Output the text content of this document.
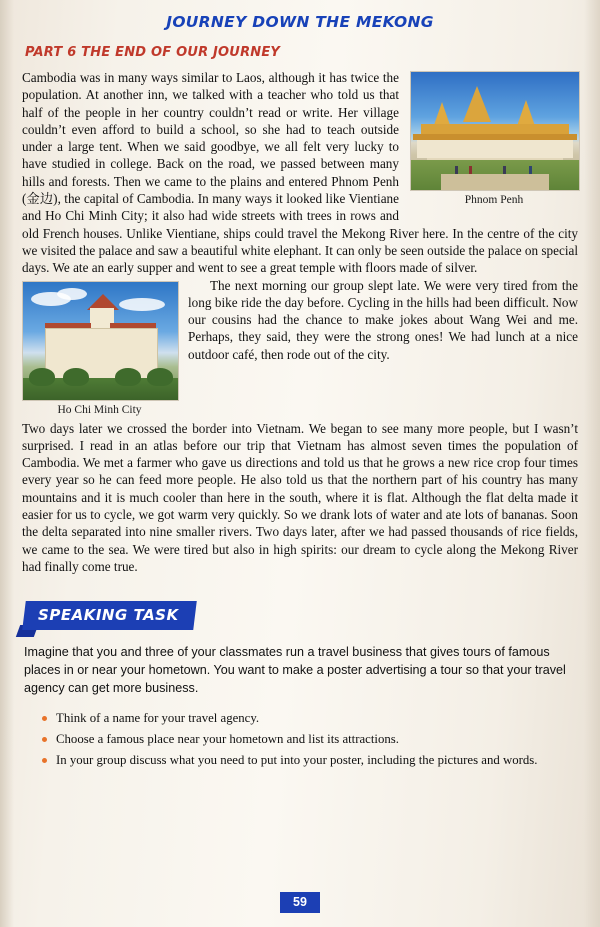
JOURNEY DOWN THE MEKONG
PART 6 THE END OF OUR JOURNEY
Phnom Penh
Cambodia was in many ways similar to Laos, although it has twice the population. At another inn, we talked with a teacher who told us that half of the people in her country couldn’t read or write. Her village couldn’t even afford to build a school, so she had to teach outside under a large tent. When we said goodbye, we all felt very lucky to have studied in college. Back on the road, we passed between many hills and forests. Then we came to the plains and entered Phnom Penh (金边), the capital of Cambodia. In many ways it looked like Vientiane and Ho Chi Minh City; it also had wide streets with trees in rows and old French houses. Unlike Vientiane, ships could travel the Mekong River here. In the centre of the city we visited the palace and saw a beautiful white elephant. It can only be seen outside the palace on special days. We ate an early supper and went to see a great temple with floors made of silver.
Ho Chi Minh City

The next morning our group slept late. We were very tired from the long bike ride the day before. Cycling in the hills had been difficult. Now our cousins had the chance to make jokes about Wang Wei and me. Perhaps, they said, they were the strong ones! We had lunch at a nice outdoor café, then rode out of the city.

Two days later we crossed the border into Vietnam. We began to see many more people, but I wasn’t surprised. I read in an atlas before our trip that Vietnam has almost seven times the population of Cambodia. We met a farmer who gave us directions and told us that he grows a new rice crop four times every year so he can feed more people. He also told us that the northern part of his country has many mountains and it is much cooler than here in the south, where it is flat. Although the flat delta made it easier for us to cycle, we got warm very quickly. So we drank lots of water and ate lots of bananas. Soon the delta separated into nine smaller rivers. Two days later, after we had passed thousands of rice fields, we came to the sea. We were tired but also in high spirits: our dream to cycle along the Mekong River had finally come true.

SPEAKING TASK
Imagine that you and three of your classmates run a travel business that gives tours of famous places in or near your hometown. You want to make a poster advertising a tour so that your travel agency can get more business.
Think of a name for your travel agency.
Choose a famous place near your hometown and list its attractions.
In your group discuss what you need to put into your poster, including the pictures and words.
59
